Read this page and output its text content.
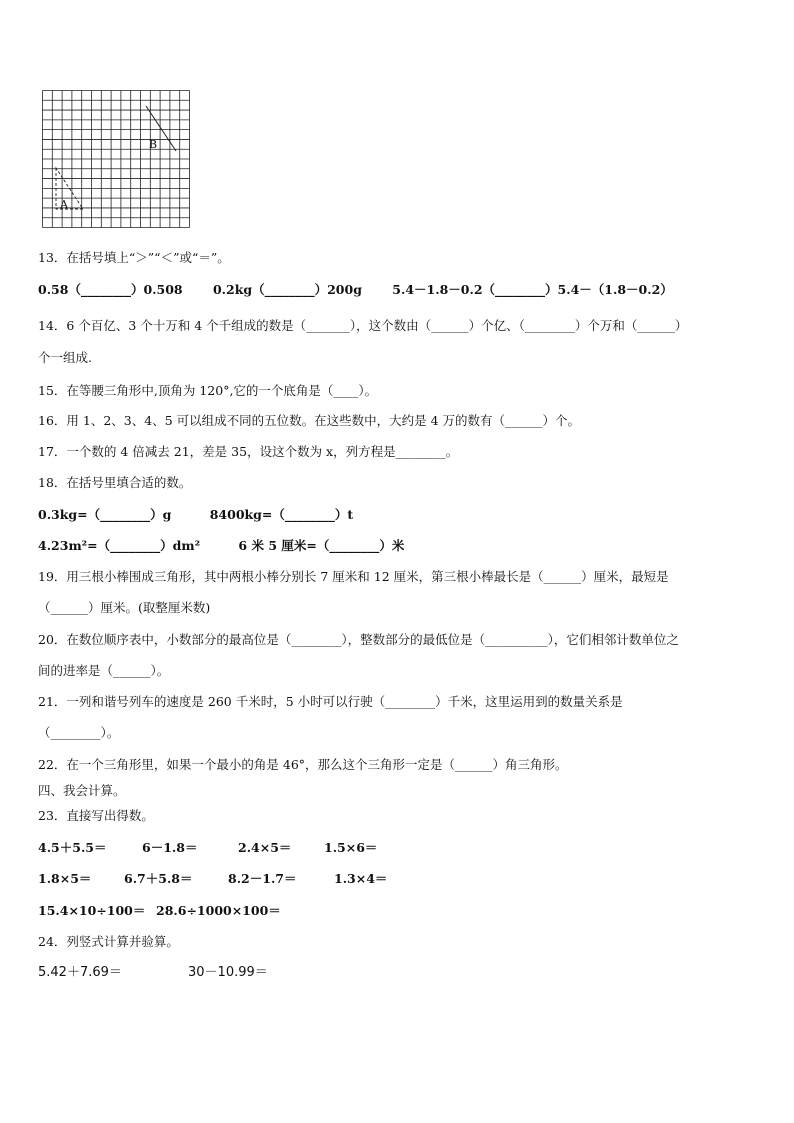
A
B
13．在括号填上“＞”“＜”或“＝”。
0.58（________）0.508 0.2kg（________）200g 5.4－1.8－0.2（________）5.4－（1.8－0.2）
14．6 个百亿、3 个十万和 4 个千组成的数是（_______），这个数由（______）个亿、（________）个万和（______）
个一组成.
15．在等腰三角形中,顶角为 120°,它的一个底角是（____）。
16．用 1、2、3、4、5 可以组成不同的五位数。在这些数中，大约是 4 万的数有（______）个。
17．一个数的 4 倍减去 21，差是 35，设这个数为 x，列方程是________。
18．在括号里填合适的数。
0.3kg=（________）g	8400kg=（________）t
4.23m²=（________）dm²	6 米 5 厘米=（________）米
19．用三根小棒围成三角形，其中两根小棒分别长 7 厘米和 12 厘米，第三根小棒最长是（______）厘米，最短是
（______）厘米。(取整厘米数)
20．在数位顺序表中，小数部分的最高位是（________），整数部分的最低位是（__________），它们相邻计数单位之
间的进率是（______）。
21．一列和谐号列车的速度是 260 千米时，5 小时可以行驶（________）千米，这里运用到的数量关系是
（________）。
22．在一个三角形里，如果一个最小的角是 46°，那么这个三角形一定是（______）角三角形。
四、我会计算。
23．直接写出得数。
4.5＋5.5＝	6－1.8＝	2.4×5＝	1.5×6＝
1.8×5＝	6.7＋5.8＝	8.2－1.7＝	1.3×4＝
15.4×10÷100＝ 28.6÷1000×100＝
24．列竖式计算并验算。
5.42＋7.69＝	30－10.99＝
